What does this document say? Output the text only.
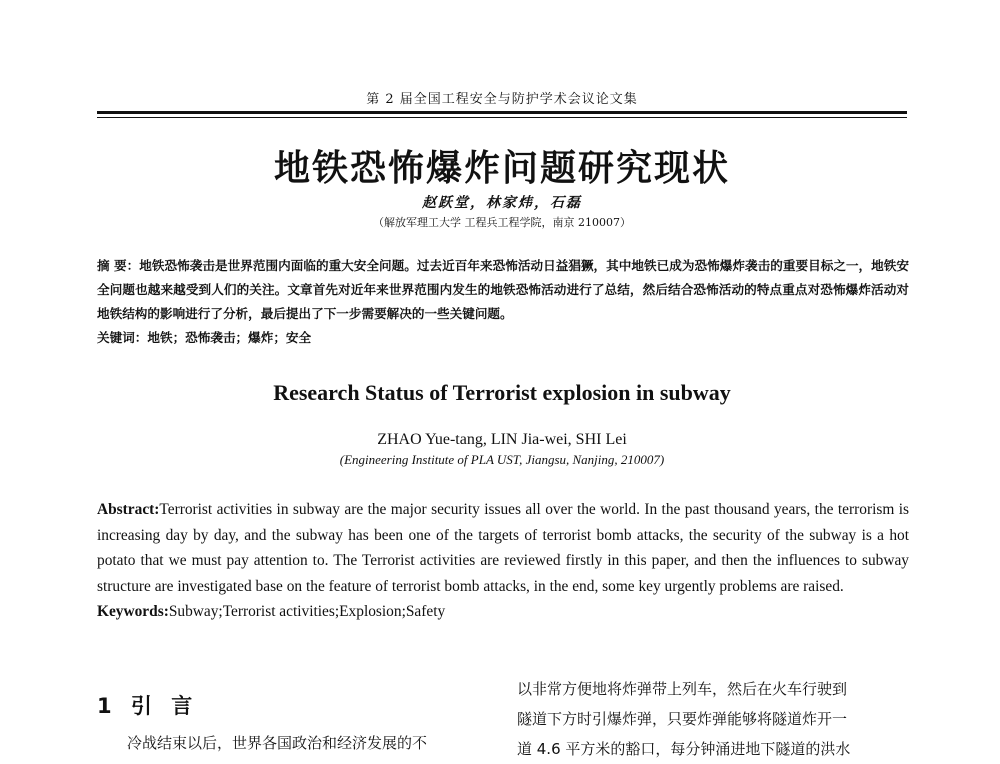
第 2 届全国工程安全与防护学术会议论文集
地铁恐怖爆炸问题研究现状
赵跃堂，林家炜，石磊
（解放军理工大学 工程兵工程学院，南京 210007）

摘 要：地铁恐怖袭击是世界范围内面临的重大安全问题。过去近百年来恐怖活动日益猖獗，其中地铁已成为恐怖爆炸袭击的重要目标之一，地铁安全问题也越来越受到人们的关注。文章首先对近年来世界范围内发生的地铁恐怖活动进行了总结，然后结合恐怖活动的特点重点对恐怖爆炸活动对地铁结构的影响进行了分析，最后提出了下一步需要解决的一些关键问题。

关键词：地铁；恐怖袭击；爆炸；安全

Research Status of Terrorist explosion in subway
ZHAO Yue-tang, LIN Jia-wei, SHI Lei
(Engineering Institute of PLA UST, Jiangsu, Nanjing, 210007)

Abstract:Terrorist activities in subway are the major security issues all over the world. In the past thousand years, the terrorism is increasing day by day, and the subway has been one of the targets of terrorist bomb attacks, the security of the subway is a hot potato that we must pay attention to. The Terrorist activities are reviewed firstly in this paper, and then the influences to subway structure are investigated base on the feature of terrorist bomb attacks, in the end, some key urgently problems are raised.

Keywords:Subway;Terrorist activities;Explosion;Safety

1 引 言
冷战结束以后，世界各国政治和经济发展的不
以非常方便地将炸弹带上列车，然后在火车行驶到
隧道下方时引爆炸弹，只要炸弹能够将隧道炸开一
道 4.6 平方米的豁口，每分钟涌进地下隧道的洪水
